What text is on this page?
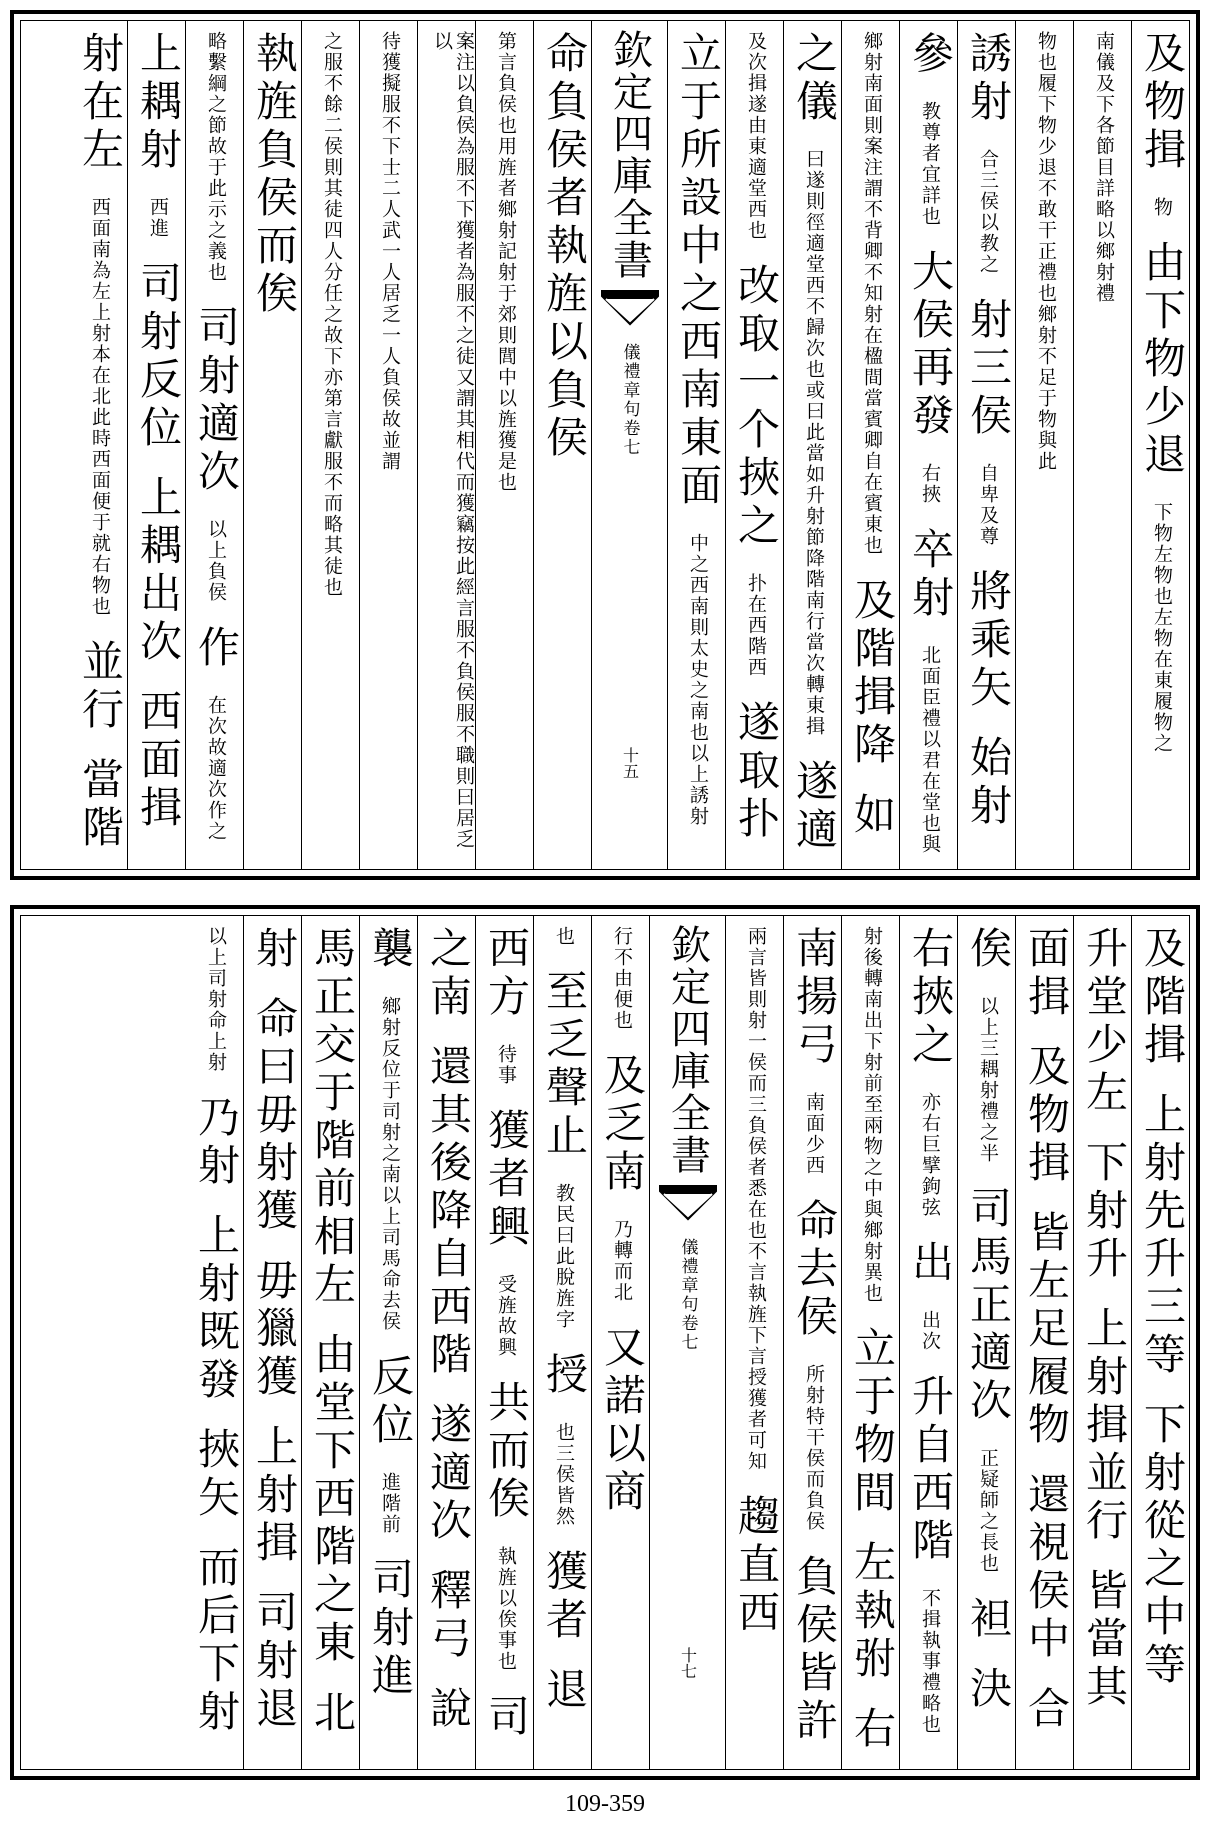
及物揖物由下物少退下物左物也左物在東履物之
南儀及下各節目詳略以鄉射禮
物也履下物少退不敢干正禮也鄉射不足于物與此
誘射合三侯以教之射三侯自卑及尊將乘矢始射
參教尊者宜詳也大侯再發右挾卒射北面臣禮以君在堂也與
鄉射南面則案注謂不背卿不知射在楹間當賓卿自在賓東也及階揖降如
之儀曰遂則徑適堂西不歸次也或曰此當如升射節降階南行當次轉東揖遂適
及次揖遂由東適堂西也改取一个挾之扑在西階西遂取扑
立于所設中之西南東面中之西南則太史之南也以上誘射
欽定四庫全書
儀禮章句
卷七
十五
命負侯者執旌以負侯
第言負侯也用旌者鄉射記射于郊則閭中以旌獲是也
案注以負侯為服不下獲者為服不之徒又謂其相代而獲竊按此經言服不負侯服不職則曰居乏以
待獲擬服不下士二人武一人居乏一人負侯故並謂
之服不餘二侯則其徒四人分任之故下亦第言獻服不而略其徒也
執旌負侯而俟
略繫綱之節故于此示之義也司射適次以上負侯作在次故適次作之
上耦射西進司射反位上耦出次西面揖
射在左西面南為左上射本在北此時西面便于就右物也並行當階
及階揖上射先升三等下射從之中等上射
升堂少左下射升上射揖並行皆當其 北
面揖及物揖皆左足履物還視侯中合
俟以上三耦射禮之半司馬正適次正疑師之長也袒決
右挾之亦右巨擘鉤弦出出次升自西階不揖執事禮略也
射後轉南出下射前至兩物之中與鄉射異也立于物間左執弣右
南揚弓南面少西命去侯所射特干侯而負侯負侯皆許
兩言皆則射一侯而三負侯者悉在也不言執旌下言授獲者可知趨直西
欽定四庫全書
儀禮章句
卷七
十七
行不由便也及乏南乃轉而北又諾以商
也至乏聲止教民曰此脫旌字授也三侯皆然獲者退
西方待事獲者興受旌故興共而俟執旌以俟事也司
之南還其後降自西階遂適次釋弓說
襲鄉射反位于司射之南以上司馬命去侯反位進階前司射進
馬正交于階前相左由堂下西階之東北
射命曰毋射獲毋獵獲上射揖司射退
以上司射命上射乃射上射既發挾矢而后下射
109-359
